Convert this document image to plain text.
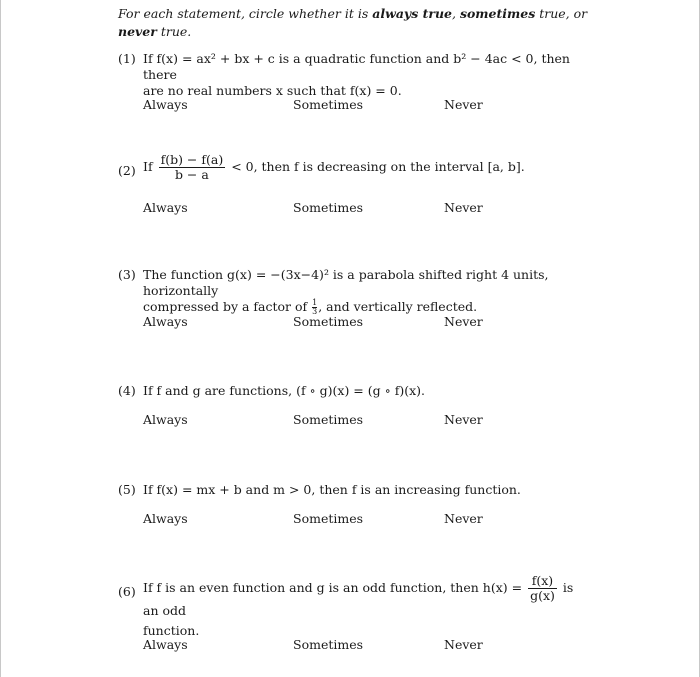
For each statement, circle whether it is always true, sometimes true, or never true.
(1) If f(x) = ax² + bx + c is a quadratic function and b² − 4ac < 0, then there
are no real numbers x such that f(x) = 0.
Always	Sometimes	Never
(2) If $\frac{f(b) - f(a)}{b - a} < 0$, then f is decreasing on the interval [a, b].
Always	Sometimes	Never
(3) The function g(x) = −(3x−4)² is a parabola shifted right 4 units, horizontally
compressed by a factor of $\frac{1}{3}$ , and vertically reflected.
Always	Sometimes	Never
(4) If f and g are functions, (f ∘ g)(x) = (g ∘ f)(x).
Always	Sometimes	Never
(5) If f(x) = mx + b and m > 0, then f is an increasing function.
Always	Sometimes	Never
(6) If f is an even function and g is an odd function, then $h(x) = \frac{f(x)}{g(x)}$ is an odd
function.
Always	Sometimes	Never
